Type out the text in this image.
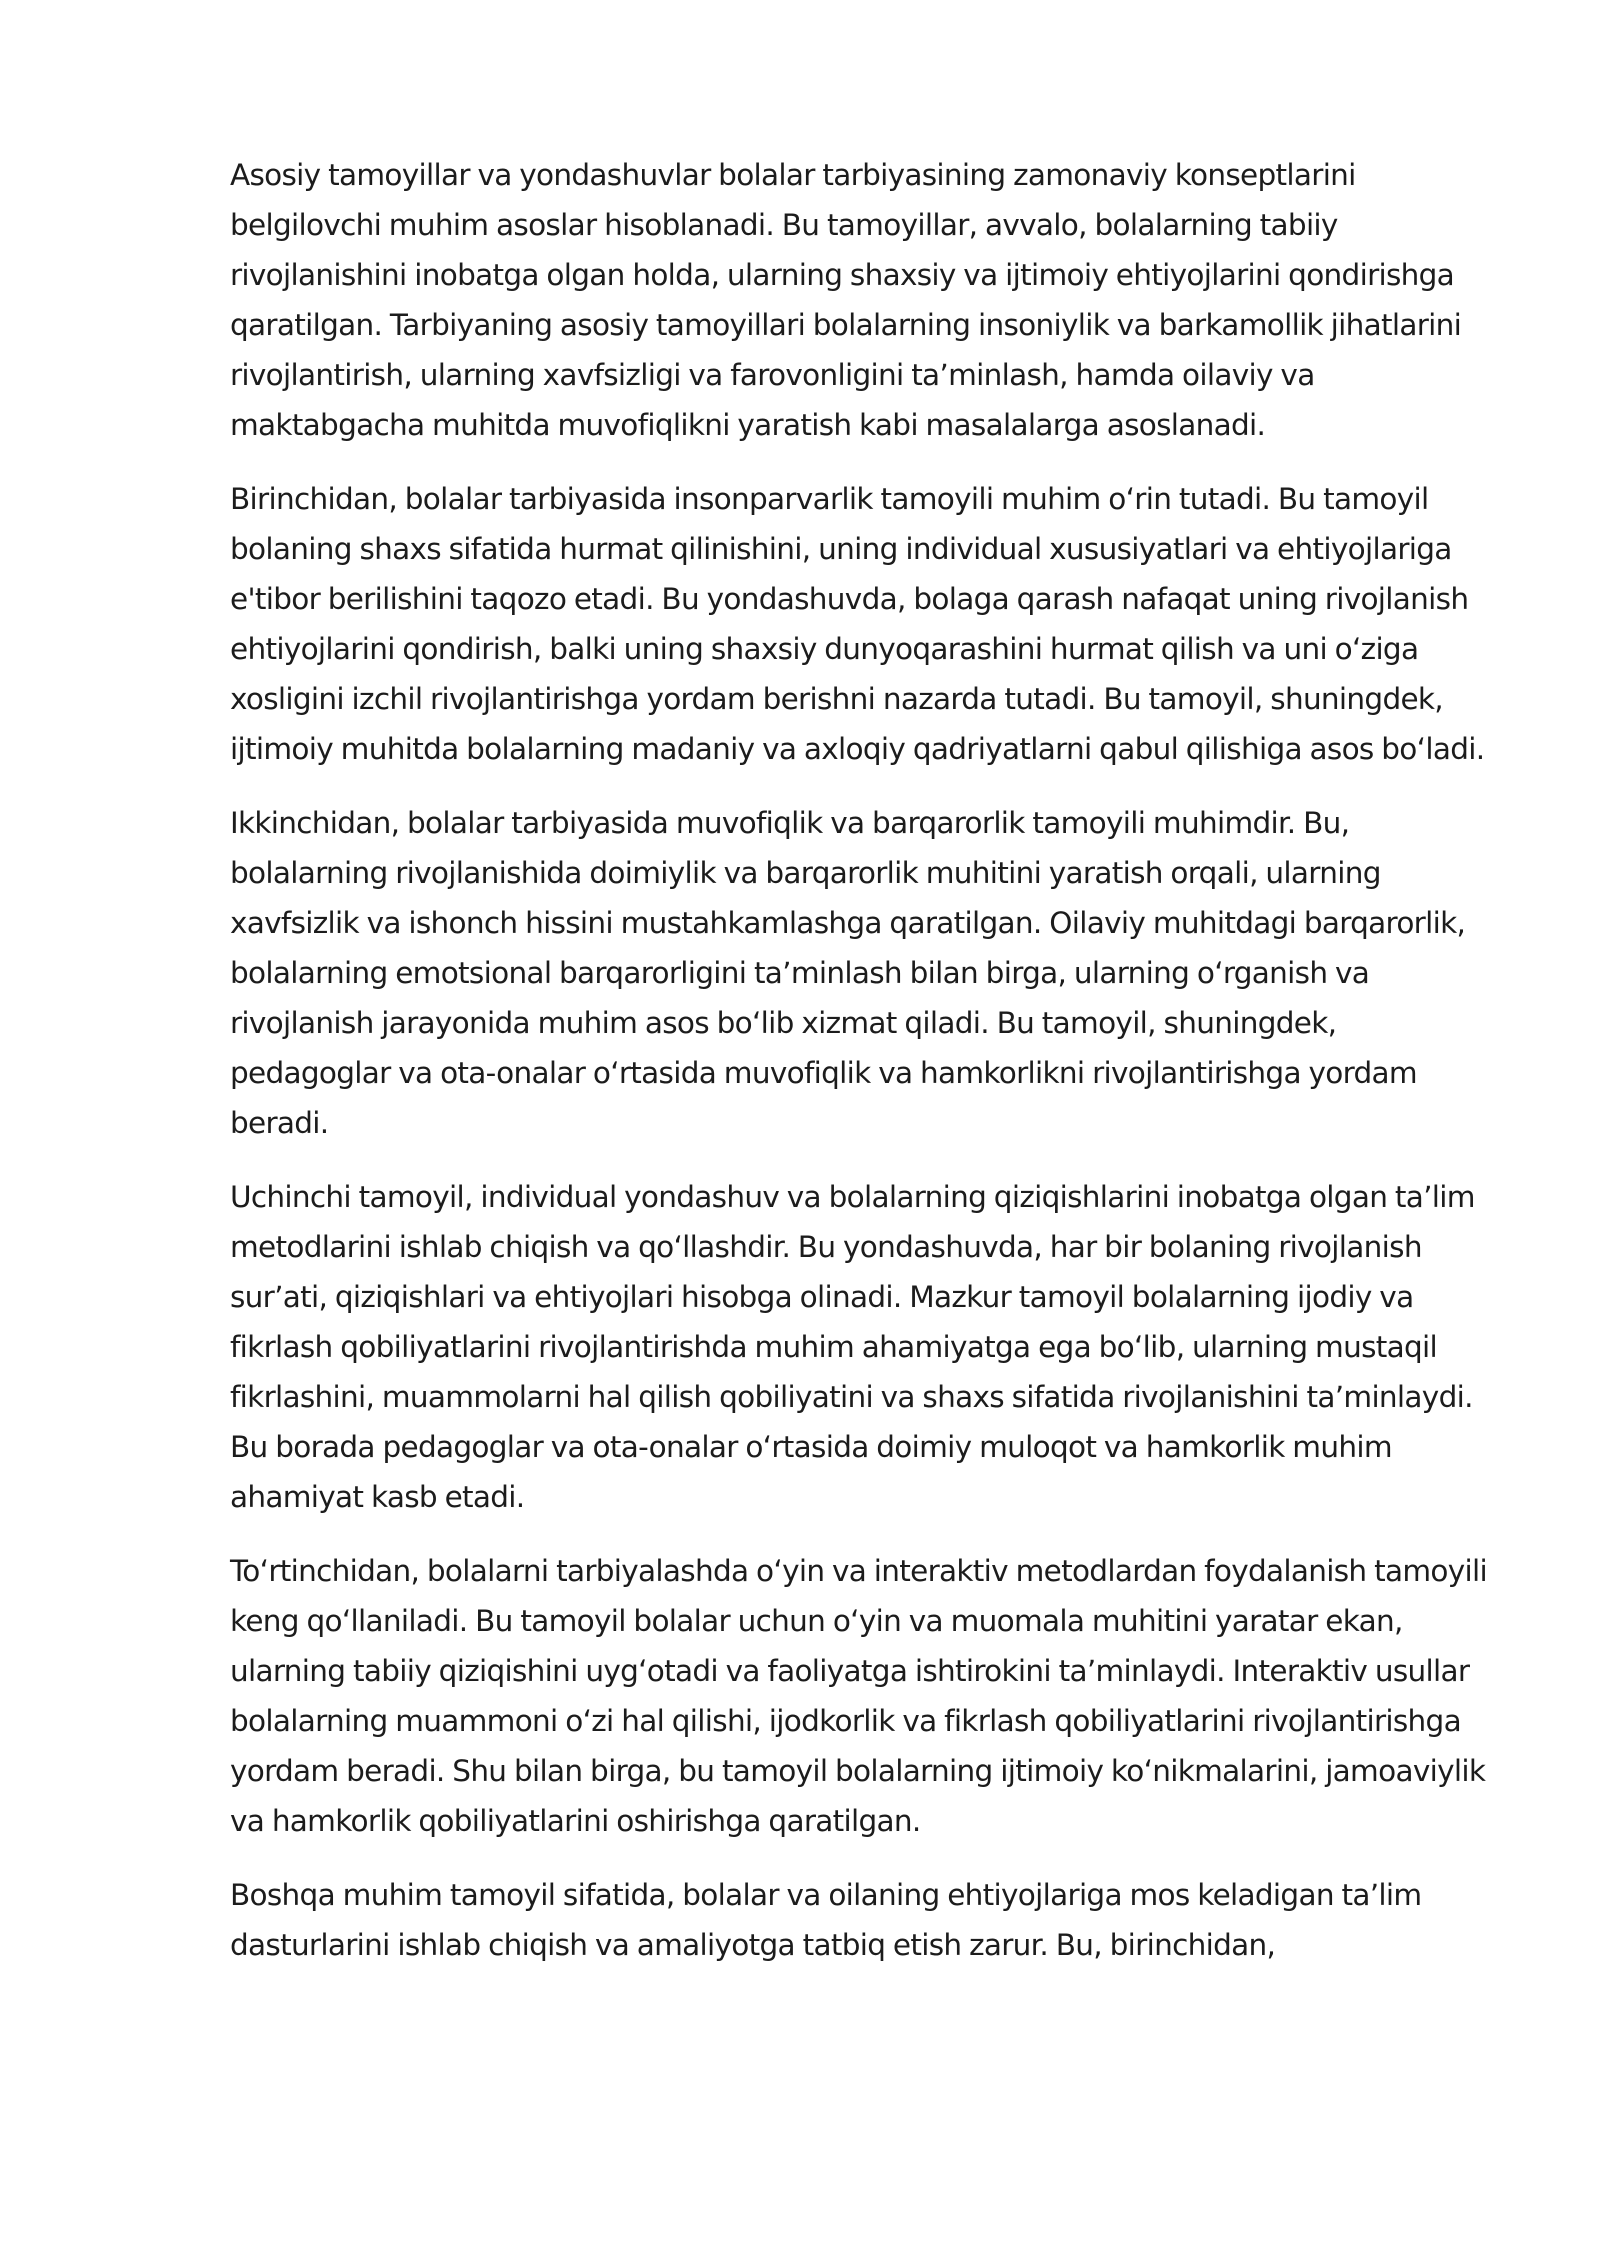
Asosiy tamoyillar va yondashuvlar bolalar tarbiyasining zamonaviy konseptlarini belgilovchi muhim asoslar hisoblanadi. Bu tamoyillar, avvalo, bolalarning tabiiy rivojlanishini inobatga olgan holda, ularning shaxsiy va ijtimoiy ehtiyojlarini qondirishga qaratilgan. Tarbiyaning asosiy tamoyillari bolalarning insoniylik va barkamollik jihatlarini rivojlantirish, ularning xavfsizligi va farovonligini ta’minlash, hamda oilaviy va maktabgacha muhitda muvofiqlikni yaratish kabi masalalarga asoslanadi.

Birinchidan, bolalar tarbiyasida insonparvarlik tamoyili muhim oʻrin tutadi. Bu tamoyil bolaning shaxs sifatida hurmat qilinishini, uning individual xususiyatlari va ehtiyojlariga e'tibor berilishini taqozo etadi. Bu yondashuvda, bolaga qarash nafaqat uning rivojlanish ehtiyojlarini qondirish, balki uning shaxsiy dunyoqarashini hurmat qilish va uni oʻziga xosligini izchil rivojlantirishga yordam berishni nazarda tutadi. Bu tamoyil, shuningdek, ijtimoiy muhitda bolalarning madaniy va axloqiy qadriyatlarni qabul qilishiga asos boʻladi.

Ikkinchidan, bolalar tarbiyasida muvofiqlik va barqarorlik tamoyili muhimdir. Bu, bolalarning rivojlanishida doimiylik va barqarorlik muhitini yaratish orqali, ularning xavfsizlik va ishonch hissini mustahkamlashga qaratilgan. Oilaviy muhitdagi barqarorlik, bolalarning emotsional barqarorligini ta’minlash bilan birga, ularning oʻrganish va rivojlanish jarayonida muhim asos boʻlib xizmat qiladi. Bu tamoyil, shuningdek, pedagoglar va ota-onalar oʻrtasida muvofiqlik va hamkorlikni rivojlantirishga yordam beradi.

Uchinchi tamoyil, individual yondashuv va bolalarning qiziqishlarini inobatga olgan ta’lim metodlarini ishlab chiqish va qoʻllashdir. Bu yondashuvda, har bir bolaning rivojlanish sur’ati, qiziqishlari va ehtiyojlari hisobga olinadi. Mazkur tamoyil bolalarning ijodiy va fikrlash qobiliyatlarini rivojlantirishda muhim ahamiyatga ega boʻlib, ularning mustaqil fikrlashini, muammolarni hal qilish qobiliyatini va shaxs sifatida rivojlanishini ta’minlaydi. Bu borada pedagoglar va ota-onalar oʻrtasida doimiy muloqot va hamkorlik muhim ahamiyat kasb etadi.

Toʻrtinchidan, bolalarni tarbiyalashda oʻyin va interaktiv metodlardan foydalanish tamoyili keng qoʻllaniladi. Bu tamoyil bolalar uchun oʻyin va muomala muhitini yaratar ekan, ularning tabiiy qiziqishini uygʻotadi va faoliyatga ishtirokini ta’minlaydi. Interaktiv usullar bolalarning muammoni oʻzi hal qilishi, ijodkorlik va fikrlash qobiliyatlarini rivojlantirishga yordam beradi. Shu bilan birga, bu tamoyil bolalarning ijtimoiy koʻnikmalarini, jamoaviylik va hamkorlik qobiliyatlarini oshirishga qaratilgan.

Boshqa muhim tamoyil sifatida, bolalar va oilaning ehtiyojlariga mos keladigan ta’lim dasturlarini ishlab chiqish va amaliyotga tatbiq etish zarur. Bu, birinchidan,
